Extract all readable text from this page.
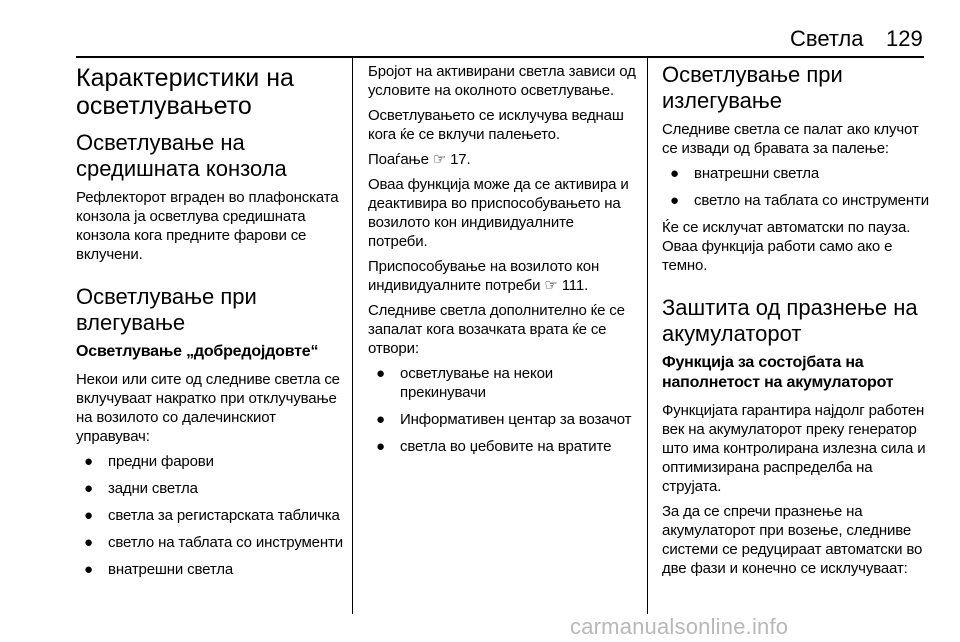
Светла 129
Карактеристики на осветлувањето
Осветлување на средишната конзола
Рефлекторот вграден во плафонската конзола ја осветлува средишната конзола кога предните фарови се вклучени.
Осветлување при влегување
Осветлување „добредојдовте“
Некои или сите од следниве светла се вклучуваат накратко при отклучување на возилото со далечинскиот управувач:
● предни фарови
● задни светла
● светла за регистарската табличка
● светло на таблата со инструменти
● внатрешни светла
Бројот на активирани светла зависи од условите на околното осветлување.
Осветлувањето се исклучува веднаш кога ќе се вклучи палењето.
Поаѓање ☞ 17.
Оваа функција може да се активира и деактивира во приспособувањето на возилото кон индивидуалните потреби.
Приспособување на возилото кон индивидуалните потреби ☞ 111.
Следниве светла дополнително ќе се запалат кога возачката врата ќе се отвори:
● осветлување на некои прекинувачи
● Информативен центар за возачот
● светла во џебовите на вратите
Осветлување при излегување
Следниве светла се палат ако клучот се извади од бравата за палење:
● внатрешни светла
● светло на таблата со инструменти
Ќе се исклучат автоматски по пауза. Оваа функција работи само ако е темно.
Заштита од празнење на акумулаторот
Функција за состојбата на наполнетост на акумулаторот
Функцијата гарантира најдолг работен век на акумулаторот преку генератор што има контролирана излезна сила и оптимизирана распределба на струјата.
За да се спречи празнење на акумулаторот при возење, следниве системи се редуцираат автоматски во две фази и конечно се исклучуваат:
carmanualsonline.info
